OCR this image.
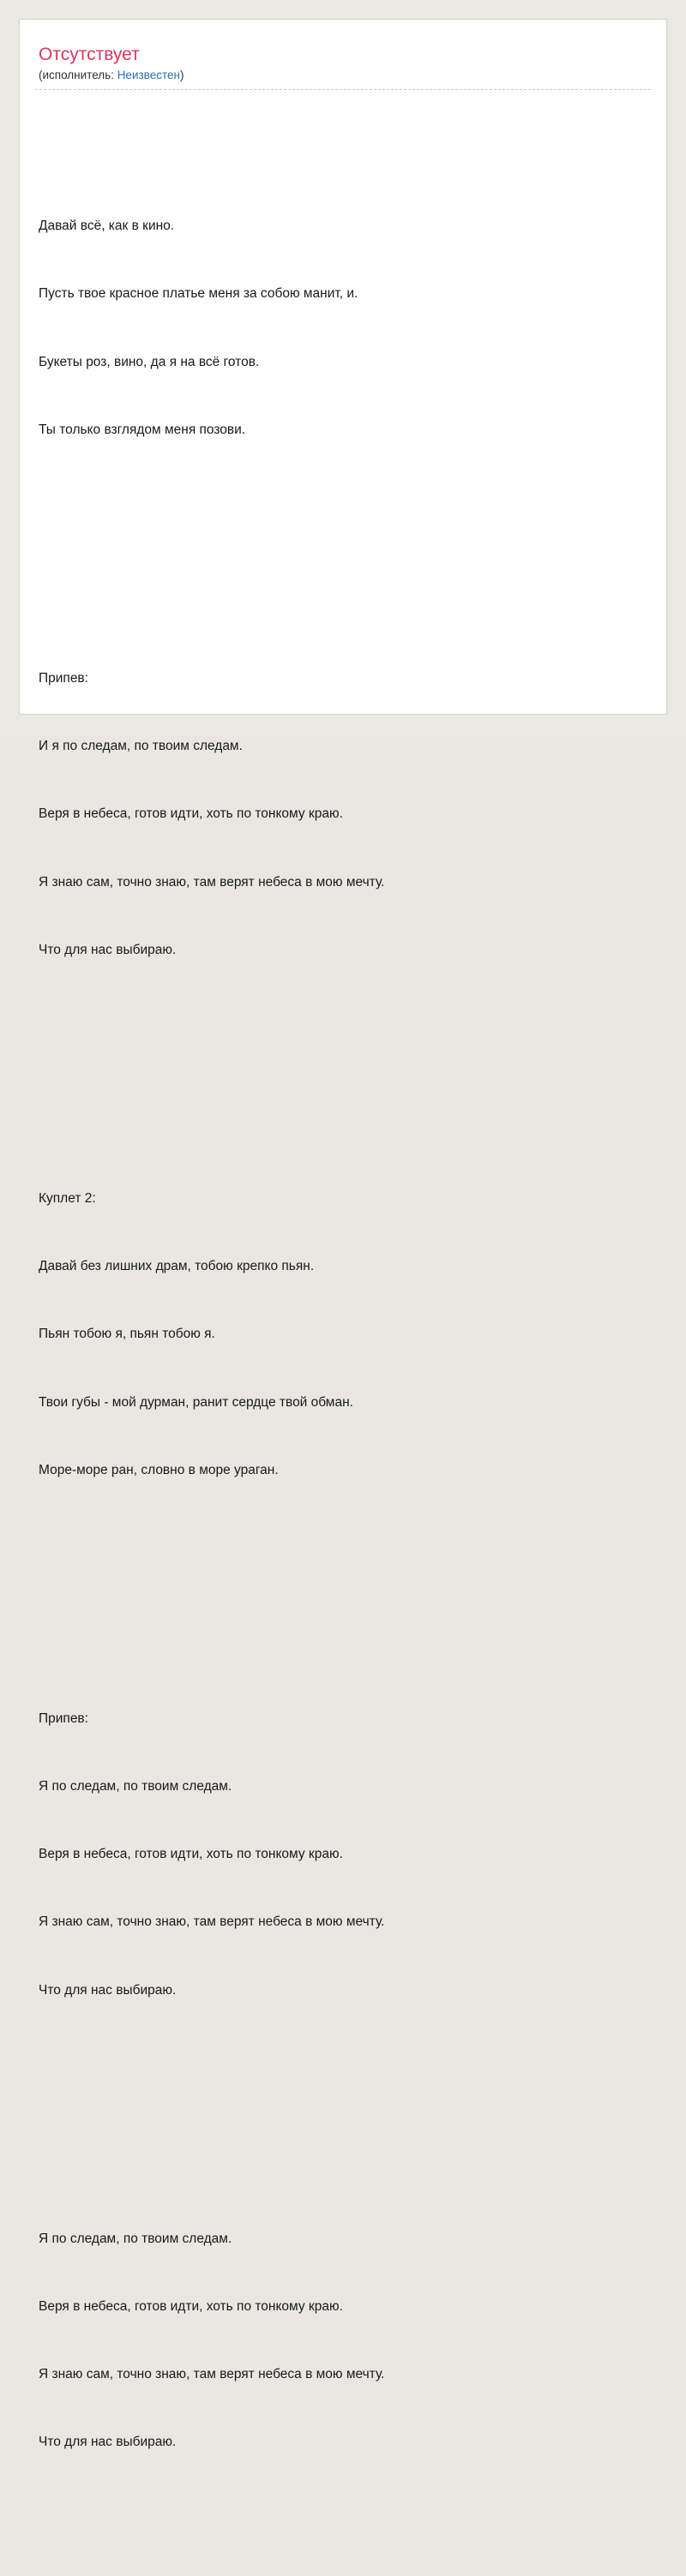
Отсутствует
(исполнитель: Неизвестен)

Давай всё, как в кино.

Пусть твое красное платье меня за собою манит, и.

Букеты роз, вино, да я на всё готов.

Ты только взглядом меня позови.

Припев:

И я по следам, по твоим следам.

Веря в небеса, готов идти, хоть по тонкому краю.

Я знаю сам, точно знаю, там верят небеса в мою мечту.

Что для нас выбираю.

Куплет 2:

Давай без лишних драм, тобою крепко пьян.

Пьян тобою я, пьян тобою я.

Твои губы - мой дурман, ранит сердце твой обман.

Море-море ран, словно в море ураган.

Припев:

Я по следам, по твоим следам.

Веря в небеса, готов идти, хоть по тонкому краю.

Я знаю сам, точно знаю, там верят небеса в мою мечту.

Что для нас выбираю.

Я по следам, по твоим следам.

Веря в небеса, готов идти, хоть по тонкому краю.

Я знаю сам, точно знаю, там верят небеса в мою мечту.

Что для нас выбираю.
